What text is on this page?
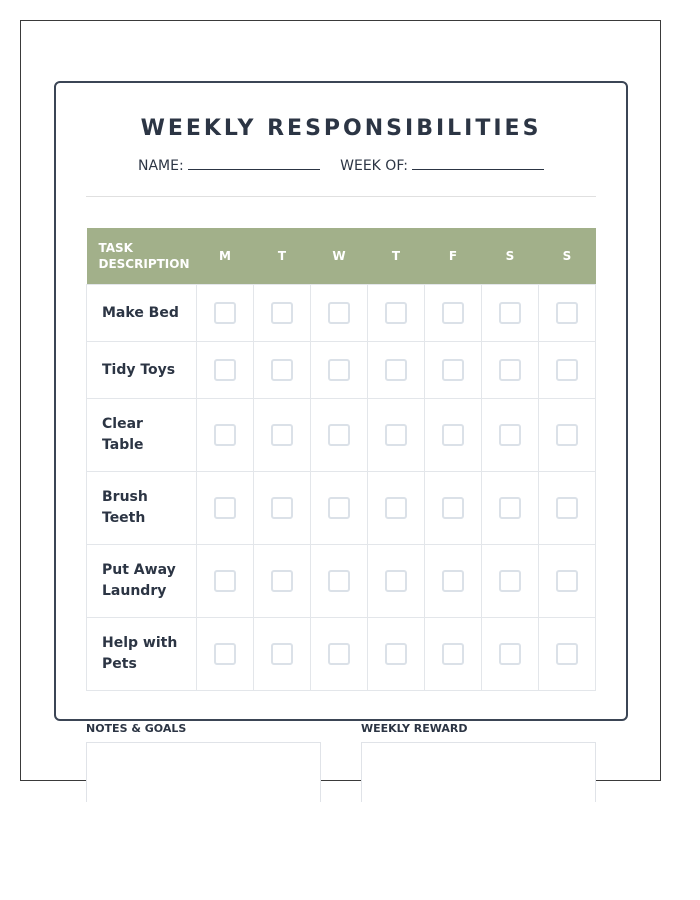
WEEKLY RESPONSIBILITIES
NAME:	WEEK OF:
TASK
DESCRIPTION	M	T	W	T	F	S	S

Make Bed							

Tidy Toys							

Clear
Table							

Brush
Teeth							

Put Away
Laundry							

Help with
Pets							

NOTES & GOALS	WEEKLY REWARD
